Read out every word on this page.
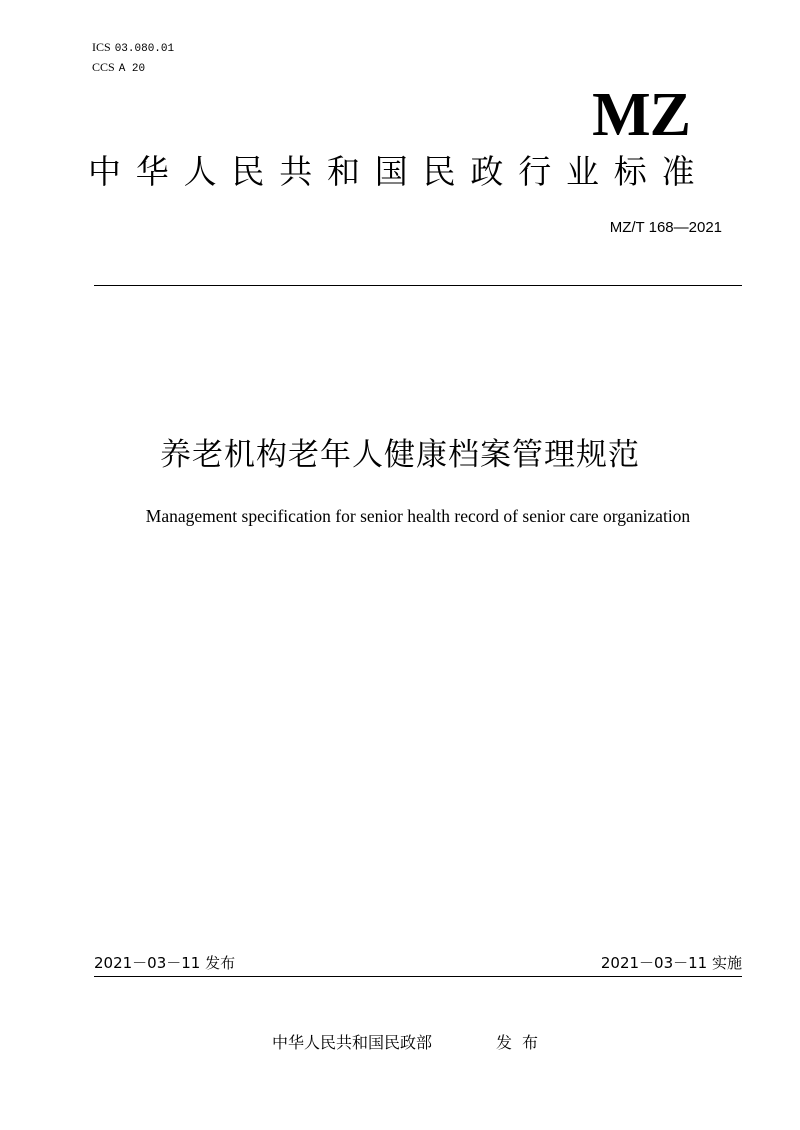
ICS 03.080.01
CCS A 20
MZ
中华人民共和国民政行业标准
MZ/T 168—2021
养老机构老年人健康档案管理规范
Management specification for senior health record of senior care organization
2021－03－11 发布	2021－03－11 实施
中华人民共和国民政部	发布
